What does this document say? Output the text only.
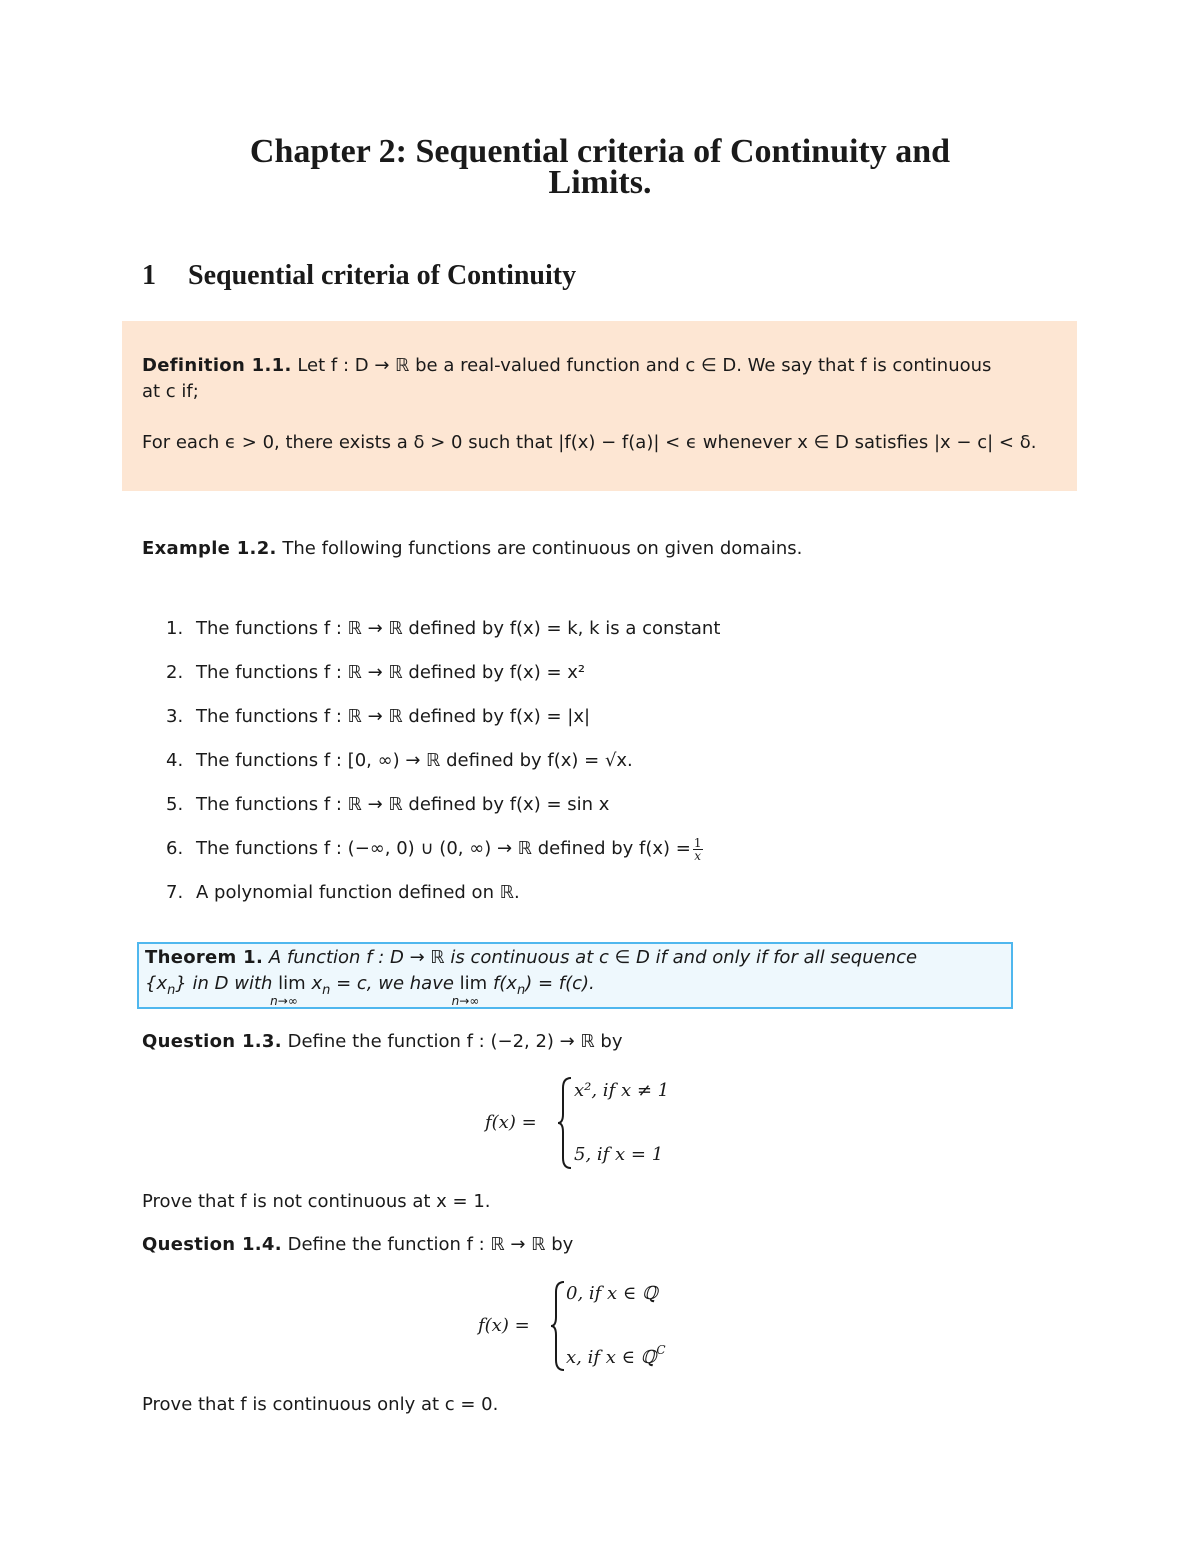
Chapter 2: Sequential criteria of Continuity and
Limits.
1 Sequential criteria of Continuity
Definition 1.1. Let f : D → ℝ be a real-valued function and c ∈ D. We say that f is continuous
at c if;
For each ϵ > 0, there exists a δ > 0 such that |f(x) − f(a)| < ϵ whenever x ∈ D satisfies |x − c| < δ.
Example 1.2. The following functions are continuous on given domains.
1. The functions f : ℝ → ℝ defined by f(x) = k, k is a constant
2. The functions f : ℝ → ℝ defined by f(x) = x²
3. The functions f : ℝ → ℝ defined by f(x) = |x|
4. The functions f : [0, ∞) → ℝ defined by f(x) = √x.
5. The functions f : ℝ → ℝ defined by f(x) = sin x
6. The functions f : (−∞, 0) ∪ (0, ∞) → ℝ defined by $f(x) = \frac{1}{x}$
7. A polynomial function defined on ℝ.
Theorem 1. A function f : D → ℝ is continuous at c ∈ D if and only if for all sequence
$\{x_n\}$ in D with lim
n→∞
$x_n = c$, we have lim
n→∞
$f(x_n) = f(c)$.
Question 1.3. Define the function f : (−2, 2) → ℝ by
f(x) =
x², if x ≠ 1
5, if x = 1
Prove that f is not continuous at x = 1.
Question 1.4. Define the function f : ℝ → ℝ by
f(x) =
0, if x ∈ ℚ
x, if x ∈ ℚ$^C$
Prove that f is continuous only at c = 0.
